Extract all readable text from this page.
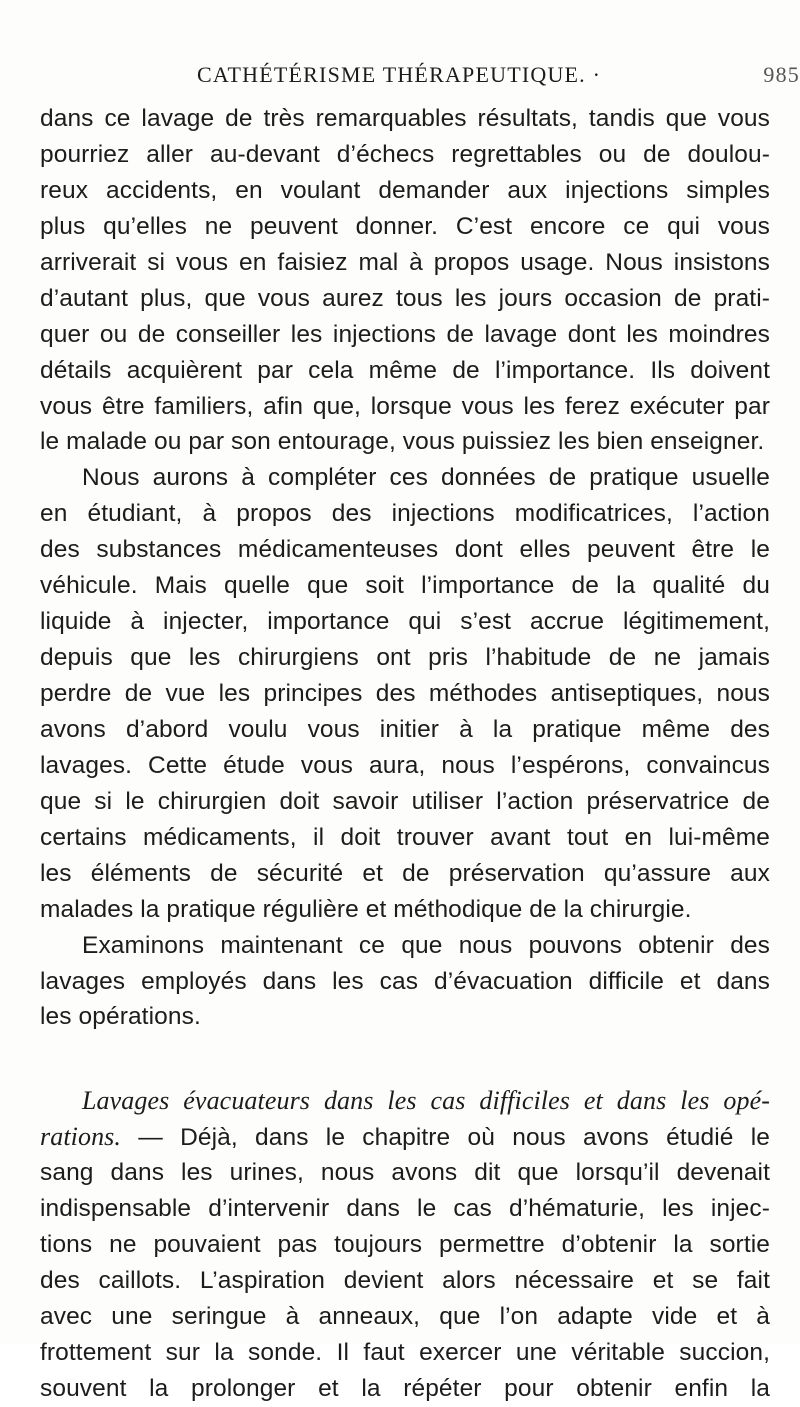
CATHÉTÉRISME THÉRAPEUTIQUE. ·	985
dans ce lavage de très remarquables résultats, tandis que vous
pourriez aller au-devant d’échecs regrettables ou de doulou-
reux accidents, en voulant demander aux injections simples
plus qu’elles ne peuvent donner. C’est encore ce qui vous
arriverait si vous en faisiez mal à propos usage. Nous insistons
d’autant plus, que vous aurez tous les jours occasion de prati-
quer ou de conseiller les injections de lavage dont les moindres
détails acquièrent par cela même de l’importance. Ils doivent
vous être familiers, afin que, lorsque vous les ferez exécuter par
le malade ou par son entourage, vous puissiez les bien enseigner.
Nous aurons à compléter ces données de pratique usuelle
en étudiant, à propos des injections modificatrices, l’action
des substances médicamenteuses dont elles peuvent être le
véhicule. Mais quelle que soit l’importance de la qualité du
liquide à injecter, importance qui s’est accrue légitimement,
depuis que les chirurgiens ont pris l’habitude de ne jamais
perdre de vue les principes des méthodes antiseptiques, nous
avons d’abord voulu vous initier à la pratique même des
lavages. Cette étude vous aura, nous l’espérons, convaincus
que si le chirurgien doit savoir utiliser l’action préservatrice de
certains médicaments, il doit trouver avant tout en lui-même
les éléments de sécurité et de préservation qu’assure aux
malades la pratique régulière et méthodique de la chirurgie.
Examinons maintenant ce que nous pouvons obtenir des
lavages employés dans les cas d’évacuation difficile et dans
les opérations.
Lavages évacuateurs dans les cas difficiles et dans les opé-
rations. — Déjà, dans le chapitre où nous avons étudié le
sang dans les urines, nous avons dit que lorsqu’il devenait
indispensable d’intervenir dans le cas d’hématurie, les injec-
tions ne pouvaient pas toujours permettre d’obtenir la sortie
des caillots. L’aspiration devient alors nécessaire et se fait
avec une seringue à anneaux, que l’on adapte vide et à
frottement sur la sonde. Il faut exercer une véritable succion,
souvent la prolonger et la répéter pour obtenir enfin la
